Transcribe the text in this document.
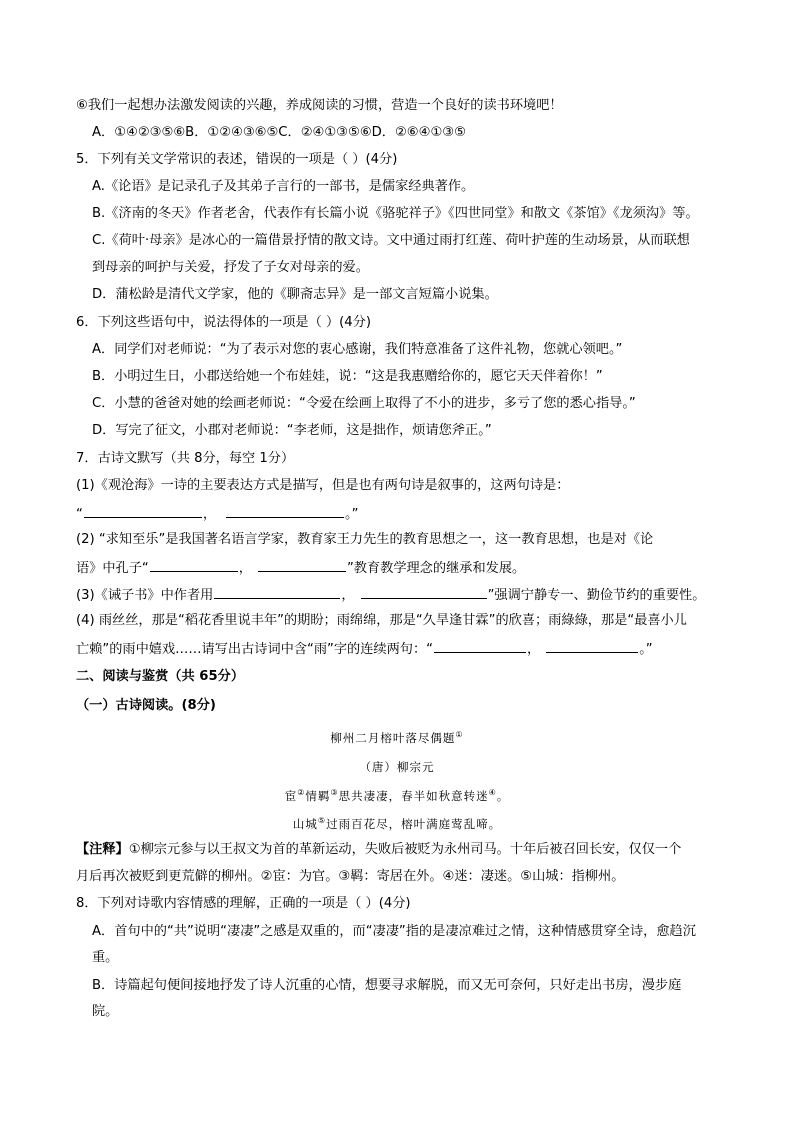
⑥我们一起想办法激发阅读的兴趣，养成阅读的习惯，营造一个良好的读书环境吧！
A．①④②③⑤⑥B．①②④③⑥⑤C．②④①③⑤⑥D．②⑥④①③⑤
5．下列有关文学常识的表述，错误的一项是（ ）(4分)
A.《论语》是记录孔子及其弟子言行的一部书，是儒家经典著作。
B.《济南的冬天》作者老舍，代表作有长篇小说《骆驼祥子》《四世同堂》和散文《茶馆》《龙须沟》等。
C.《荷叶·母亲》是冰心的一篇借景抒情的散文诗。文中通过雨打红莲、荷叶护莲的生动场景，从而联想
到母亲的呵护与关爱，抒发了子女对母亲的爱。
D．蒲松龄是清代文学家，他的《聊斋志异》是一部文言短篇小说集。
6．下列这些语句中，说法得体的一项是（ ）(4分)
A．同学们对老师说：“为了表示对您的衷心感谢，我们特意准备了这件礼物，您就心领吧。”
B．小明过生日，小郡送给她一个布娃娃，说：“这是我惠赠给你的，愿它天天伴着你！”
C．小慧的爸爸对她的绘画老师说：“令爱在绘画上取得了不小的进步，多亏了您的悉心指导。”
D．写完了征文，小郡对老师说：“李老师，这是拙作，烦请您斧正。”
7．古诗文默写（共 8分，每空 1分）
(1)《观沧海》一诗的主要表达方式是描写，但是也有两句诗是叙事的，这两句诗是：
“	，	。”
(2) “求知至乐”是我国著名语言学家，教育家王力先生的教育思想之一，这一教育思想，也是对《论
语》中孔子“	，	”教育教学理念的继承和发展。
(3)《诫子书》中作者用	，	”强调宁静专一、勤俭节约的重要性。
(4) 雨丝丝，那是“稻花香里说丰年”的期盼；雨绵绵，那是“久旱逢甘霖”的欣喜；雨綠綠，那是“最喜小儿
亡赖”的雨中嬉戏……请写出古诗词中含“雨”字的连续两句：“	，	。”
二、阅读与鉴赏（共 65分）
（一）古诗阅读。(8分)
柳州二月榕叶落尽偶题①
（唐）柳宗元
宦②情羁③思共凄凄，春半如秋意转迷④。
山城⑤过雨百花尽，榕叶满庭莺乱啼。
【注释】①柳宗元参与以王叔文为首的革新运动，失败后被贬为永州司马。十年后被召回长安，仅仅一个
月后再次被贬到更荒僻的柳州。②宦：为官。③羁：寄居在外。④迷：凄迷。⑤山城：指柳州。
8．下列对诗歌内容情感的理解，正确的一项是（ ）(4分)
A．首句中的“共”说明“凄凄”之感是双重的，而“凄凄”指的是凄凉难过之情，这种情感贯穿全诗，愈趋沉
重。
B．诗篇起句便间接地抒发了诗人沉重的心情，想要寻求解脱，而又无可奈何，只好走出书房，漫步庭
院。
